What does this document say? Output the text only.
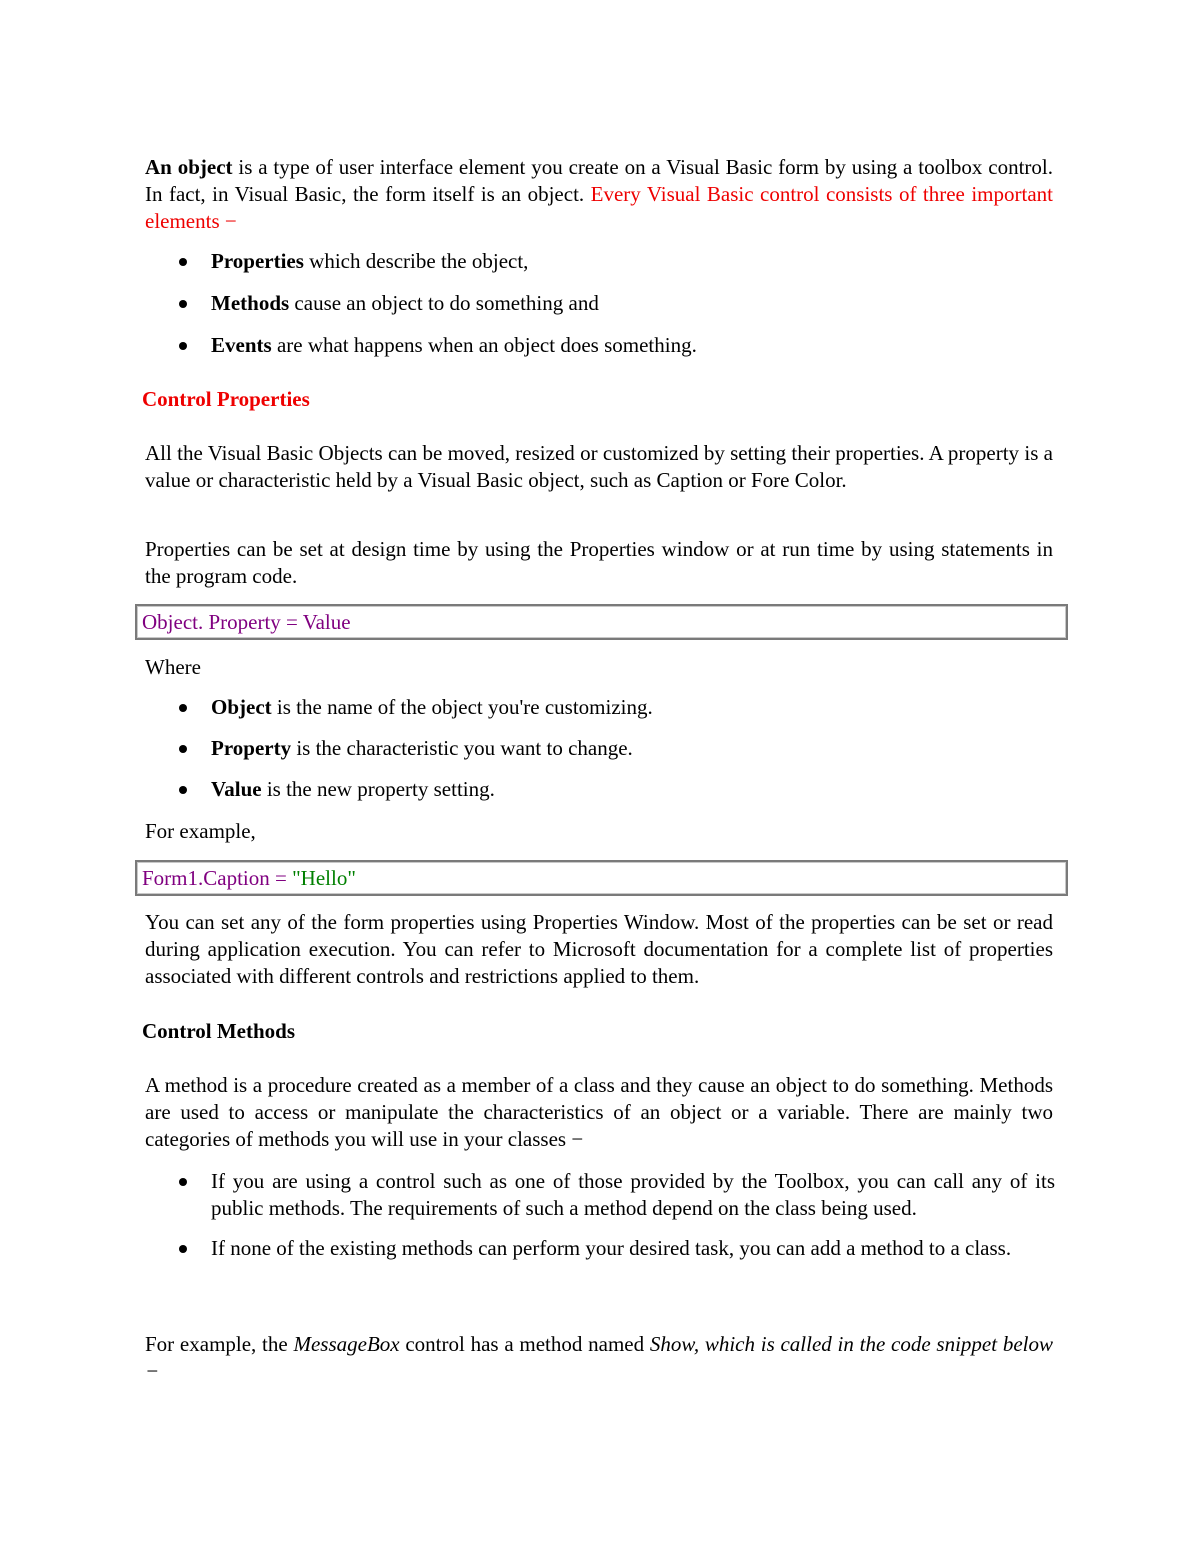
An object is a type of user interface element you create on a Visual Basic form by using a toolbox control. In fact, in Visual Basic, the form itself is an object. Every Visual Basic control consists of three important elements −

Properties which describe the object,
Methods cause an object to do something and
Events are what happens when an object does something.
Control Properties

All the Visual Basic Objects can be moved, resized or customized by setting their properties. A property is a value or characteristic held by a Visual Basic object, such as Caption or Fore Color.

Properties can be set at design time by using the Properties window or at run time by using statements in the program code.

Object. Property = Value

Where

Object is the name of the object you're customizing.
Property is the characteristic you want to change.
Value is the new property setting.

For example,

Form1.Caption = "Hello"

You can set any of the form properties using Properties Window. Most of the properties can be set or read during application execution. You can refer to Microsoft documentation for a complete list of properties associated with different controls and restrictions applied to them.

Control Methods

A method is a procedure created as a member of a class and they cause an object to do something. Methods are used to access or manipulate the characteristics of an object or a variable. There are mainly two categories of methods you will use in your classes −

If you are using a control such as one of those provided by the Toolbox, you can call any of its public methods. The requirements of such a method depend on the class being used.
If none of the existing methods can perform your desired task, you can add a method to a class.

For example, the MessageBox control has a method named Show, which is called in the code snippet below −
